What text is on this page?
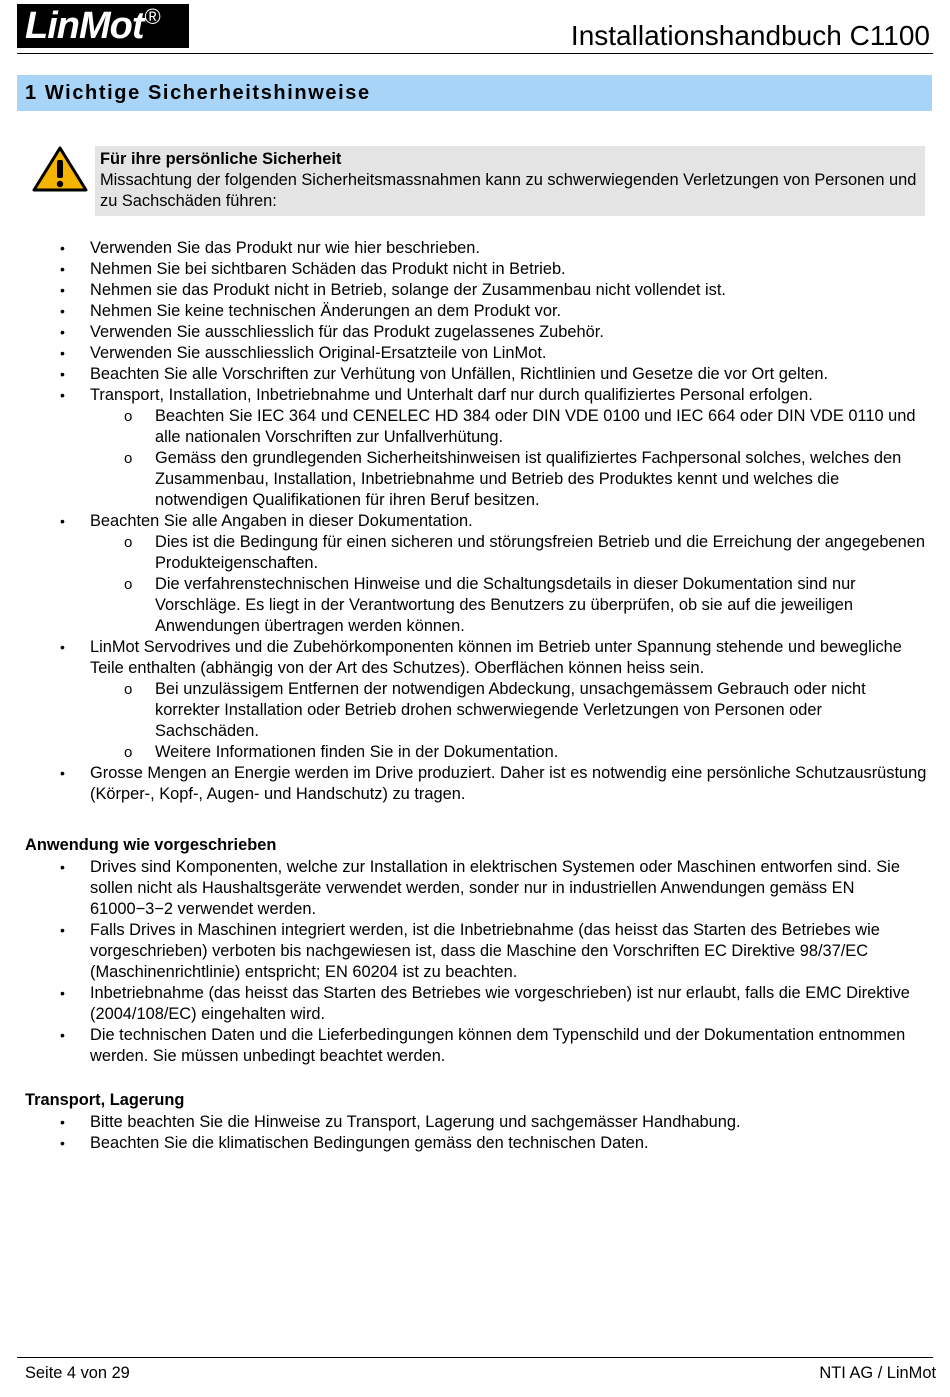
LinMot®
Installationshandbuch C1100
1 Wichtige Sicherheitshinweise
Für ihre persönliche Sicherheit
Missachtung der folgenden Sicherheitsmassnahmen kann zu schwerwiegenden Verletzungen von Personen und zu Sachschäden führen:
• Verwenden Sie das Produkt nur wie hier beschrieben.
• Nehmen Sie bei sichtbaren Schäden das Produkt nicht in Betrieb.
• Nehmen sie das Produkt nicht in Betrieb, solange der Zusammenbau nicht vollendet ist.
• Nehmen Sie keine technischen Änderungen an dem Produkt vor.
• Verwenden Sie ausschliesslich für das Produkt zugelassenes Zubehör.
• Verwenden Sie ausschliesslich Original-Ersatzteile von LinMot.
• Beachten Sie alle Vorschriften zur Verhütung von Unfällen, Richtlinien und Gesetze die vor Ort gelten.
• Transport, Installation, Inbetriebnahme und Unterhalt darf nur durch qualifiziertes Personal erfolgen.
o Beachten Sie IEC 364 und CENELEC HD 384 oder DIN VDE 0100 und IEC 664 oder DIN VDE 0110 und alle nationalen Vorschriften zur Unfallverhütung.
o Gemäss den grundlegenden Sicherheitshinweisen ist qualifiziertes Fachpersonal solches, welches den Zusammenbau, Installation, Inbetriebnahme und Betrieb des Produktes kennt und welches die notwendigen Qualifikationen für ihren Beruf besitzen.
• Beachten Sie alle Angaben in dieser Dokumentation.
o Dies ist die Bedingung für einen sicheren und störungsfreien Betrieb und die Erreichung der angegebenen Produkteigenschaften.
o Die verfahrenstechnischen Hinweise und die Schaltungsdetails in dieser Dokumentation sind nur Vorschläge. Es liegt in der Verantwortung des Benutzers zu überprüfen, ob sie auf die jeweiligen Anwendungen übertragen werden können.
• LinMot Servodrives und die Zubehörkomponenten können im Betrieb unter Spannung stehende und bewegliche Teile enthalten (abhängig von der Art des Schutzes). Oberflächen können heiss sein.
o Bei unzulässigem Entfernen der notwendigen Abdeckung, unsachgemässem Gebrauch oder nicht korrekter Installation oder Betrieb drohen schwerwiegende Verletzungen von Personen oder Sachschäden.
o Weitere Informationen finden Sie in der Dokumentation.
• Grosse Mengen an Energie werden im Drive produziert. Daher ist es notwendig eine persönliche Schutzausrüstung (Körper-, Kopf-, Augen- und Handschutz) zu tragen.
Anwendung wie vorgeschrieben
• Drives sind Komponenten, welche zur Installation in elektrischen Systemen oder Maschinen entworfen sind. Sie sollen nicht als Haushaltsgeräte verwendet werden, sonder nur in industriellen Anwendungen gemäss EN 61000−3−2 verwendet werden.
• Falls Drives in Maschinen integriert werden, ist die Inbetriebnahme (das heisst das Starten des Betriebes wie vorgeschrieben) verboten bis nachgewiesen ist, dass die Maschine den Vorschriften EC Direktive 98/37/EC (Maschinenrichtlinie) entspricht; EN 60204 ist zu beachten.
• Inbetriebnahme (das heisst das Starten des Betriebes wie vorgeschrieben) ist nur erlaubt, falls die EMC Direktive (2004/108/EC) eingehalten wird.
• Die technischen Daten und die Lieferbedingungen können dem Typenschild und der Dokumentation entnommen werden. Sie müssen unbedingt beachtet werden.
Transport, Lagerung
• Bitte beachten Sie die Hinweise zu Transport, Lagerung und sachgemässer Handhabung.
• Beachten Sie die klimatischen Bedingungen gemäss den technischen Daten.
Seite 4 von 29	NTI AG / LinMot
